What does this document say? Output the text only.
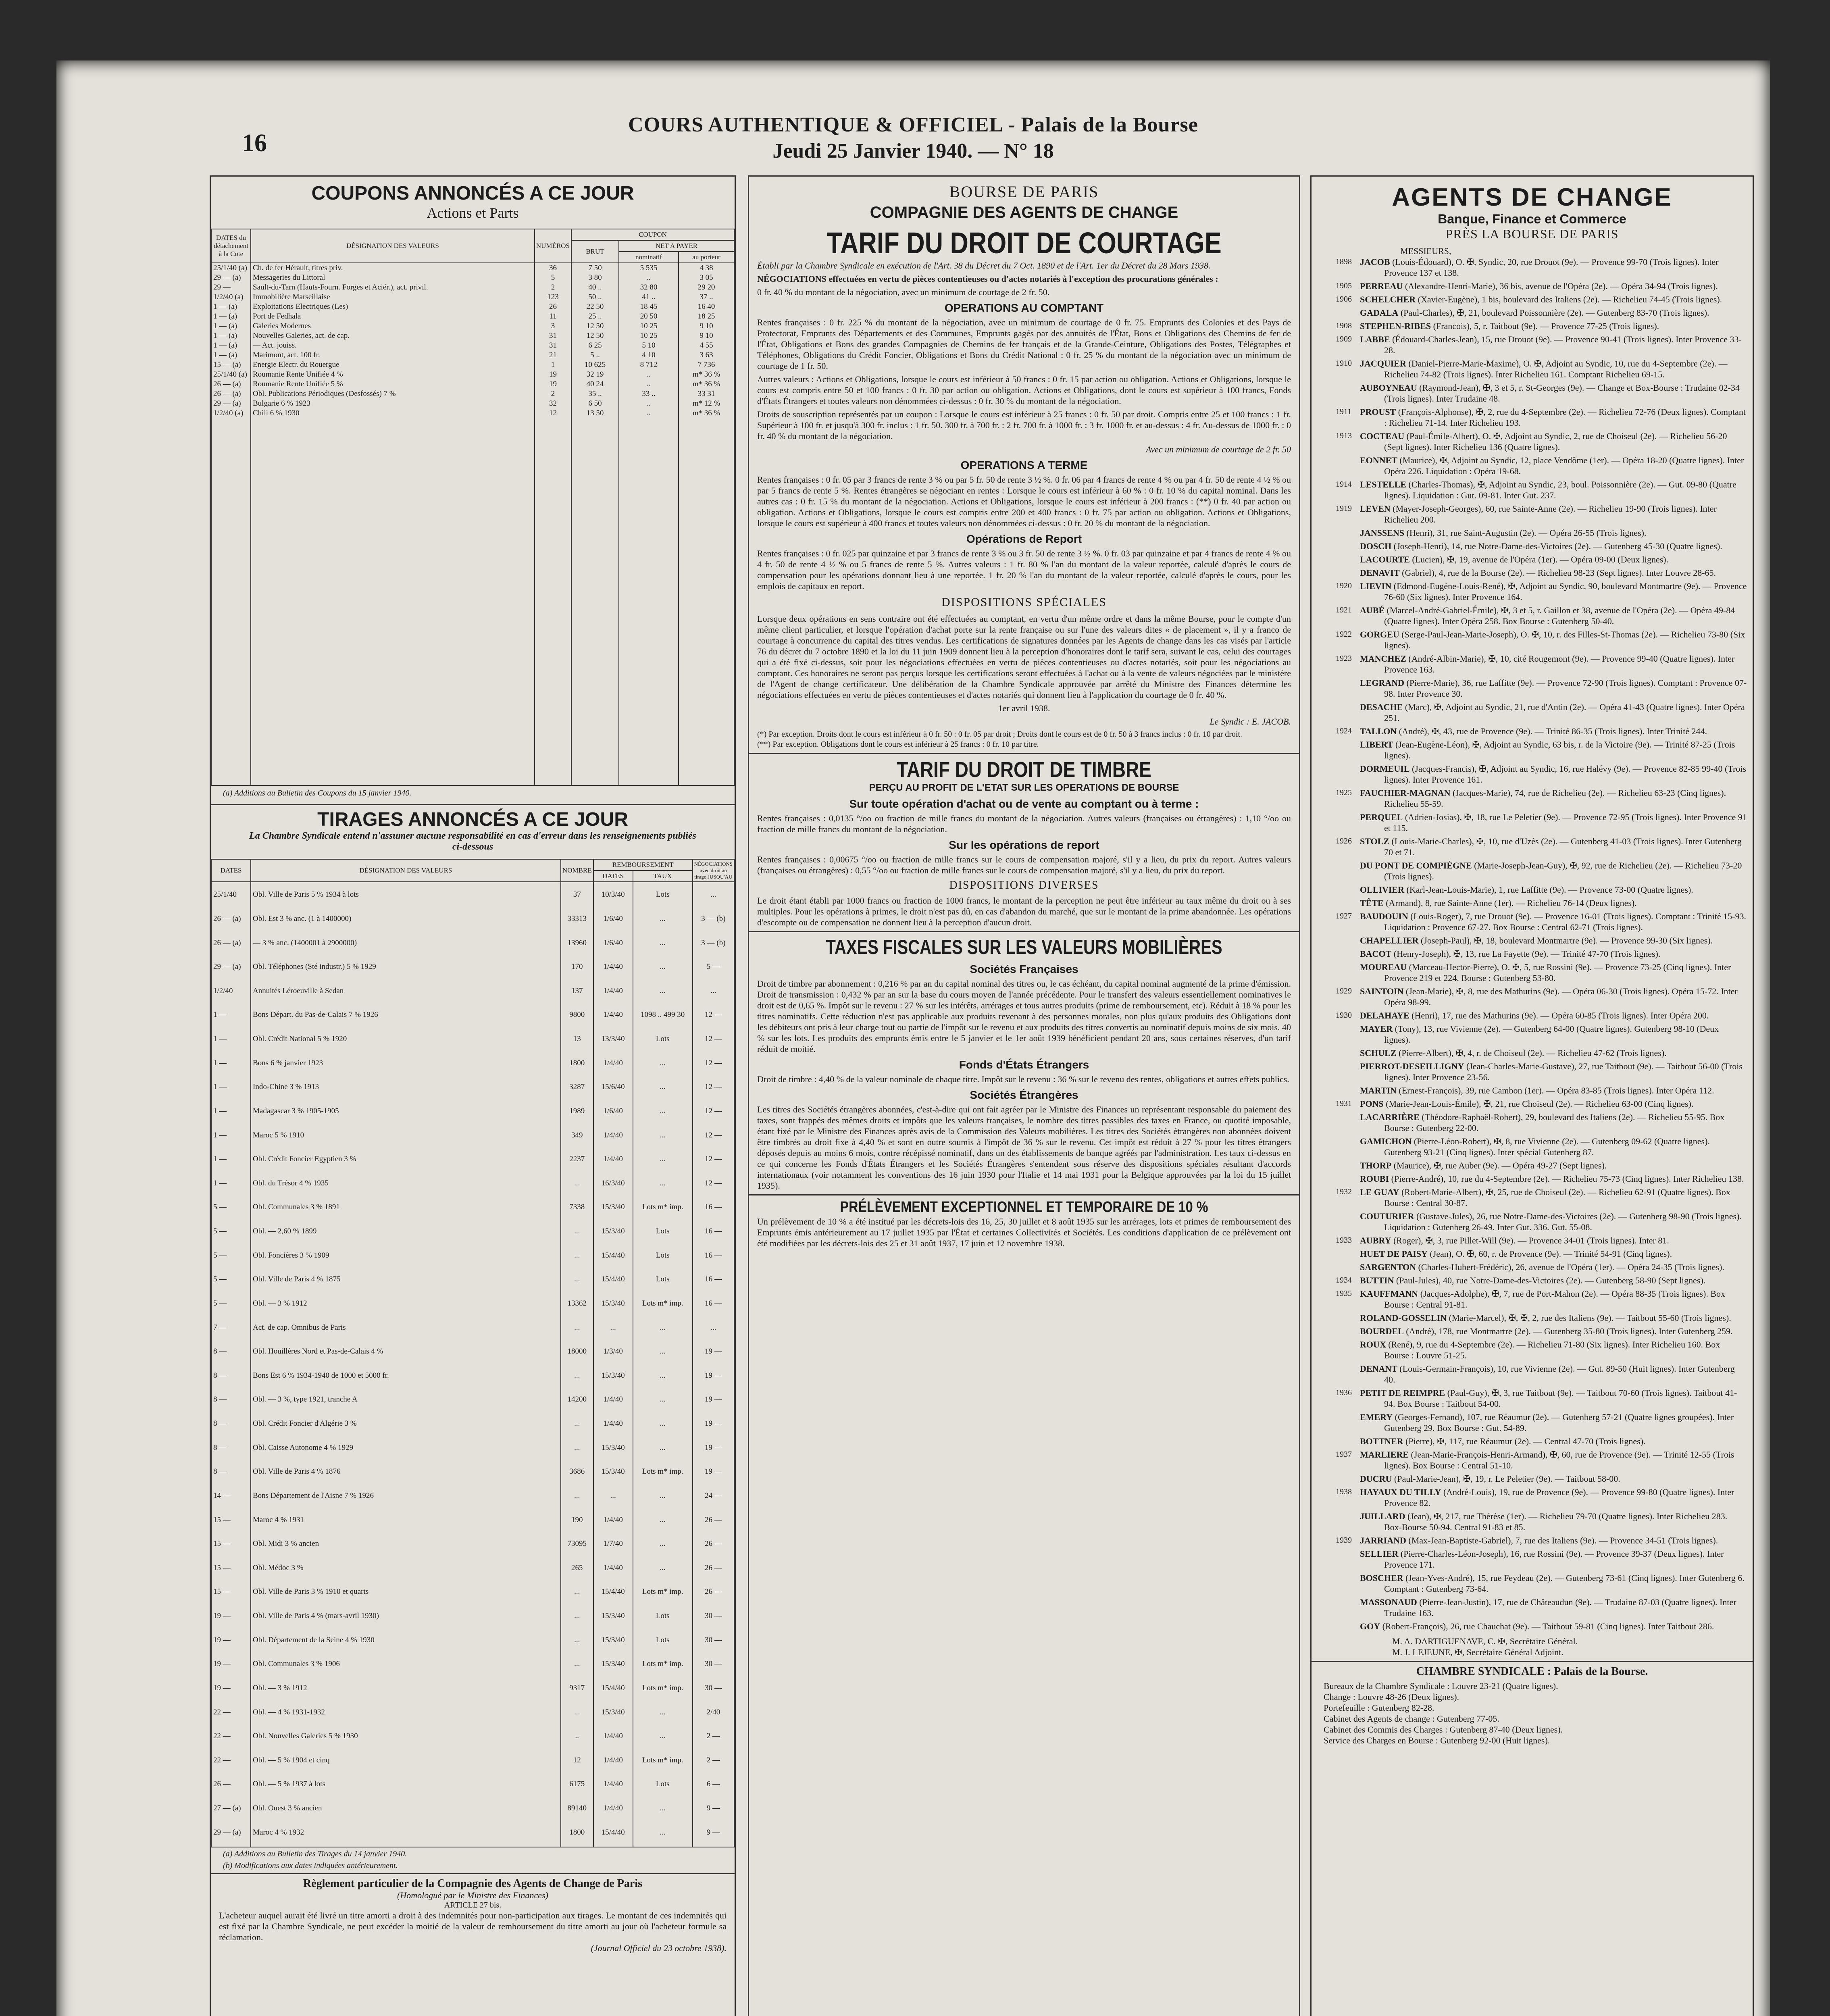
16
COURS AUTHENTIQUE & OFFICIEL - Palais de la Bourse
Jeudi 25 Janvier 1940. — N° 18
COUPONS ANNONCÉS A CE JOUR
Actions et Parts
DATES du détachement à la Cote	DÉSIGNATION DES VALEURS	NUMÉROS	COUPON		
			BRUT	NET A PAYER	
				nominatif	au porteur
25/1/40 (a)	Ch. de fer Hérault, titres priv.	36	7 50	5 535	4 38
29 — (a)	Messageries du Littoral	5	3 80	..	3 05
29 —	Sault-du-Tarn (Hauts-Fourn. Forges et Aciér.), act. privil.	2	40 ..	32 80	29 20
1/2/40 (a)	Immobilière Marseillaise	123	50 ..	41 ..	37 ..
1 — (a)	Exploitations Electriques (Les)	26	22 50	18 45	16 40
1 — (a)	Port de Fedhala	11	25 ..	20 50	18 25
1 — (a)	Galeries Modernes	3	12 50	10 25	9 10
1 — (a)	Nouvelles Galeries, act. de cap.	31	12 50	10 25	9 10
1 — (a)	— Act. jouiss.	31	6 25	5 10	4 55
1 — (a)	Marimont, act. 100 fr.	21	5 ..	4 10	3 63
15 — (a)	Energie Electr. du Rouergue	1	10 625	8 712	7 736
25/1/40 (a)	Roumanie Rente Unifiée 4 %	19	32 19	..	m* 36 %
26 — (a)	Roumanie Rente Unifiée 5 %	19	40 24	..	m* 36 %
26 — (a)	Obl. Publications Périodiques (Desfossés) 7 %	2	35 ..	33 ..	33 31
29 — (a)	Bulgarie 6 % 1923	32	6 50	..	m* 12 %
1/2/40 (a)	Chili 6 % 1930	12	13 50	..	m* 36 %

(a) Additions au Bulletin des Coupons du 15 janvier 1940.
TIRAGES ANNONCÉS A CE JOUR
La Chambre Syndicale entend n'assumer aucune responsabilité en cas d'erreur dans les renseignements publiés ci-dessous
DATES	DÉSIGNATION DES VALEURS	NOMBRE	REMBOURSEMENT		NÉGOCIATIONS avec droit au tirage JUSQU'AU
			DATES	TAUX	
25/1/40	Obl. Ville de Paris 5 % 1934 à lots	37	10/3/40	Lots	...
26 — (a)	Obl. Est 3 % anc. (1 à 1400000)	33313	1/6/40	...	3 — (b)
26 — (a)	— 3 % anc. (1400001 à 2900000)	13960	1/6/40	...	3 — (b)
29 — (a)	Obl. Téléphones (Sté industr.) 5 % 1929	170	1/4/40	...	5 —
1/2/40	Annuités Léroeuville à Sedan	137	1/4/40	...	...
1 —	Bons Départ. du Pas-de-Calais 7 % 1926	9800	1/4/40	1098 .. 499 30	12 —
1 —	Obl. Crédit National 5 % 1920	13	13/3/40	Lots	12 —
1 —	Bons 6 % janvier 1923	1800	1/4/40	...	12 —
1 —	Indo-Chine 3 % 1913	3287	15/6/40	...	12 —
1 —	Madagascar 3 % 1905-1905	1989	1/6/40	...	12 —
1 —	Maroc 5 % 1910	349	1/4/40	...	12 —
1 —	Obl. Crédit Foncier Egyptien 3 %	2237	1/4/40	...	12 —
1 —	Obl. du Trésor 4 % 1935	...	16/3/40	...	12 —
5 —	Obl. Communales 3 % 1891	7338	15/3/40	Lots m* imp.	16 —
5 —	Obl. — 2,60 % 1899	...	15/3/40	Lots	16 —
5 —	Obl. Foncières 3 % 1909	...	15/4/40	Lots	16 —
5 —	Obl. Ville de Paris 4 % 1875	...	15/4/40	Lots	16 —
5 —	Obl. — 3 % 1912	13362	15/3/40	Lots m* imp.	16 —
7 —	Act. de cap. Omnibus de Paris	...	...	...	...
8 —	Obl. Houillères Nord et Pas-de-Calais 4 %	18000	1/3/40	...	19 —
8 —	Bons Est 6 % 1934-1940 de 1000 et 5000 fr.	...	15/3/40	...	19 —
8 —	Obl. — 3 %, type 1921, tranche A	14200	1/4/40	...	19 —
8 —	Obl. Crédit Foncier d'Algérie 3 %	...	1/4/40	...	19 —
8 —	Obl. Caisse Autonome 4 % 1929	...	15/3/40	...	19 —
8 —	Obl. Ville de Paris 4 % 1876	3686	15/3/40	Lots m* imp.	19 —
14 —	Bons Département de l'Aisne 7 % 1926	...	...	...	24 —
15 —	Maroc 4 % 1931	190	1/4/40	...	26 —
15 —	Obl. Midi 3 % ancien	73095	1/7/40	...	26 —
15 —	Obl. Médoc 3 %	265	1/4/40	...	26 —
15 —	Obl. Ville de Paris 3 % 1910 et quarts	...	15/4/40	Lots m* imp.	26 —
19 —	Obl. Ville de Paris 4 % (mars-avril 1930)	...	15/3/40	Lots	30 —
19 —	Obl. Département de la Seine 4 % 1930	...	15/3/40	Lots	30 —
19 —	Obl. Communales 3 % 1906	...	15/3/40	Lots m* imp.	30 —
19 —	Obl. — 3 % 1912	9317	15/4/40	Lots m* imp.	30 —
22 —	Obl. — 4 % 1931-1932	...	15/3/40	...	2/40
22 —	Obl. Nouvelles Galeries 5 % 1930	..	1/4/40	...	2 —
22 —	Obl. — 5 % 1904 et cinq	12	1/4/40	Lots m* imp.	2 —
26 —	Obl. — 5 % 1937 à lots	6175	1/4/40	Lots	6 —
27 — (a)	Obl. Ouest 3 % ancien	89140	1/4/40	...	9 —
29 — (a)	Maroc 4 % 1932	1800	15/4/40	...	9 —

(a) Additions au Bulletin des Tirages du 14 janvier 1940.
(b) Modifications aux dates indiquées antérieurement.
Règlement particulier de la Compagnie des Agents de Change de Paris
(Homologué par le Ministre des Finances)
ARTICLE 27 bis.
L'acheteur auquel aurait été livré un titre amorti a droit à des indemnités pour non-participation aux tirages. Le montant de ces indemnités qui est fixé par la Chambre Syndicale, ne peut excéder la moitié de la valeur de remboursement du titre amorti au jour où l'acheteur formule sa réclamation.
(Journal Officiel du 23 octobre 1938).
BOURSE DE PARIS
COMPAGNIE DES AGENTS DE CHANGE
TARIF DU DROIT DE COURTAGE
Établi par la Chambre Syndicale en exécution de l'Art. 38 du Décret du 7 Oct. 1890 et de l'Art. 1er du Décret du 28 Mars 1938.
NÉGOCIATIONS effectuées en vertu de pièces contentieuses ou d'actes notariés à l'exception des procurations générales :
0 fr. 40 % du montant de la négociation, avec un minimum de courtage de 2 fr. 50.
OPERATIONS AU COMPTANT
Rentes françaises : 0 fr. 225 % du montant de la négociation, avec un minimum de courtage de 0 fr. 75. Emprunts des Colonies et des Pays de Protectorat, Emprunts des Départements et des Communes, Emprunts gagés par des annuités de l'État, Bons et Obligations des Chemins de fer de l'État, Obligations et Bons des grandes Compagnies de Chemins de fer français et de la Grande-Ceinture, Obligations des Postes, Télégraphes et Téléphones, Obligations du Crédit Foncier, Obligations et Bons du Crédit National : 0 fr. 25 % du montant de la négociation avec un minimum de courtage de 1 fr. 50.
Autres valeurs : Actions et Obligations, lorsque le cours est inférieur à 50 francs : 0 fr. 15 par action ou obligation. Actions et Obligations, lorsque le cours est compris entre 50 et 100 francs : 0 fr. 30 par action ou obligation. Actions et Obligations, dont le cours est supérieur à 100 francs, Fonds d'États Étrangers et toutes valeurs non dénommées ci-dessus : 0 fr. 30 % du montant de la négociation.
Droits de souscription représentés par un coupon : Lorsque le cours est inférieur à 25 francs : 0 fr. 50 par droit. Compris entre 25 et 100 francs : 1 fr. Supérieur à 100 fr. et jusqu'à 300 fr. inclus : 1 fr. 50. 300 fr. à 700 fr. : 2 fr. 700 fr. à 1000 fr. : 3 fr. 1000 fr. et au-dessus : 4 fr. Au-dessus de 1000 fr. : 0 fr. 40 % du montant de la négociation.
Avec un minimum de courtage de 2 fr. 50
OPERATIONS A TERME
Rentes françaises : 0 fr. 05 par 3 francs de rente 3 % ou par 5 fr. 50 de rente 3 ½ %. 0 fr. 06 par 4 francs de rente 4 % ou par 4 fr. 50 de rente 4 ½ % ou par 5 francs de rente 5 %. Rentes étrangères se négociant en rentes : Lorsque le cours est inférieur à 60 % : 0 fr. 10 % du capital nominal. Dans les autres cas : 0 fr. 15 % du montant de la négociation. Actions et Obligations, lorsque le cours est inférieur à 200 francs : (**) 0 fr. 40 par action ou obligation. Actions et Obligations, lorsque le cours est compris entre 200 et 400 francs : 0 fr. 75 par action ou obligation. Actions et Obligations, lorsque le cours est supérieur à 400 francs et toutes valeurs non dénommées ci-dessus : 0 fr. 20 % du montant de la négociation.
Opérations de Report
Rentes françaises : 0 fr. 025 par quinzaine et par 3 francs de rente 3 % ou 3 fr. 50 de rente 3 ½ %. 0 fr. 03 par quinzaine et par 4 francs de rente 4 % ou 4 fr. 50 de rente 4 ½ % ou 5 francs de rente 5 %. Autres valeurs : 1 fr. 80 % l'an du montant de la valeur reportée, calculé d'après le cours de compensation pour les opérations donnant lieu à une reportée. 1 fr. 20 % l'an du montant de la valeur reportée, calculé d'après le cours, pour les emplois de capitaux en report.
DISPOSITIONS SPÉCIALES
Lorsque deux opérations en sens contraire ont été effectuées au comptant, en vertu d'un même ordre et dans la même Bourse, pour le compte d'un même client particulier, et lorsque l'opération d'achat porte sur la rente française ou sur l'une des valeurs dites « de placement », il y a franco de courtage à concurrence du capital des titres vendus. Les certifications de signatures données par les Agents de change dans les cas visés par l'article 76 du décret du 7 octobre 1890 et la loi du 11 juin 1909 donnent lieu à la perception d'honoraires dont le tarif sera, suivant le cas, celui des courtages qui a été fixé ci-dessus, soit pour les négociations effectuées en vertu de pièces contentieuses ou d'actes notariés, soit pour les négociations au comptant. Ces honoraires ne seront pas perçus lorsque les certifications seront effectuées à l'achat ou à la vente de valeurs négociées par le ministère de l'Agent de change certificateur. Une délibération de la Chambre Syndicale approuvée par arrêté du Ministre des Finances détermine les négociations effectuées en vertu de pièces contentieuses et d'actes notariés qui donnent lieu à l'application du courtage de 0 fr. 40 %.
1er avril 1938.
Le Syndic : E. JACOB.
(*) Par exception. Droits dont le cours est inférieur à 0 fr. 50 : 0 fr. 05 par droit ; Droits dont le cours est de 0 fr. 50 à 3 francs inclus : 0 fr. 10 par droit.
(**) Par exception. Obligations dont le cours est inférieur à 25 francs : 0 fr. 10 par titre.
TARIF DU DROIT DE TIMBRE
PERÇU AU PROFIT DE L'ETAT SUR LES OPERATIONS DE BOURSE
Sur toute opération d'achat ou de vente au comptant ou à terme :
Rentes françaises : 0,0135 °/oo ou fraction de mille francs du montant de la négociation. Autres valeurs (françaises ou étrangères) : 1,10 °/oo ou fraction de mille francs du montant de la négociation.
Sur les opérations de report
Rentes françaises : 0,00675 °/oo ou fraction de mille francs sur le cours de compensation majoré, s'il y a lieu, du prix du report. Autres valeurs (françaises ou étrangères) : 0,55 °/oo ou fraction de mille francs sur le cours de compensation majoré, s'il y a lieu, du prix du report.
DISPOSITIONS DIVERSES
Le droit étant établi par 1000 francs ou fraction de 1000 francs, le montant de la perception ne peut être inférieur au taux même du droit ou à ses multiples. Pour les opérations à primes, le droit n'est pas dû, en cas d'abandon du marché, que sur le montant de la prime abandonnée. Les opérations d'escompte ou de compensation ne donnent lieu à la perception d'aucun droit.
TAXES FISCALES SUR LES VALEURS MOBILIÈRES
Sociétés Françaises
Droit de timbre par abonnement : 0,216 % par an du capital nominal des titres ou, le cas échéant, du capital nominal augmenté de la prime d'émission. Droit de transmission : 0,432 % par an sur la base du cours moyen de l'année précédente. Pour le transfert des valeurs essentiellement nominatives le droit est de 0,65 %. Impôt sur le revenu : 27 % sur les intérêts, arrérages et tous autres produits (prime de remboursement, etc). Réduit à 18 % pour les titres nominatifs. Cette réduction n'est pas applicable aux produits revenant à des personnes morales, non plus qu'aux produits des Obligations dont les débiteurs ont pris à leur charge tout ou partie de l'impôt sur le revenu et aux produits des titres convertis au nominatif depuis moins de six mois. 40 % sur les lots. Les produits des emprunts émis entre le 5 janvier et le 1er août 1939 bénéficient pendant 20 ans, sous certaines réserves, d'un tarif réduit de moitié.
Fonds d'États Étrangers
Droit de timbre : 4,40 % de la valeur nominale de chaque titre. Impôt sur le revenu : 36 % sur le revenu des rentes, obligations et autres effets publics.
Sociétés Étrangères
Les titres des Sociétés étrangères abonnées, c'est-à-dire qui ont fait agréer par le Ministre des Finances un représentant responsable du paiement des taxes, sont frappés des mêmes droits et impôts que les valeurs françaises, le nombre des titres passibles des taxes en France, ou quotité imposable, étant fixé par le Ministre des Finances après avis de la Commission des Valeurs mobilières. Les titres des Sociétés étrangères non abonnées doivent être timbrés au droit fixe à 4,40 % et sont en outre soumis à l'impôt de 36 % sur le revenu. Cet impôt est réduit à 27 % pour les titres étrangers déposés depuis au moins 6 mois, contre récépissé nominatif, dans un des établissements de banque agréés par l'administration. Les taux ci-dessus en ce qui concerne les Fonds d'États Étrangers et les Sociétés Étrangères s'entendent sous réserve des dispositions spéciales résultant d'accords internationaux (voir notamment les conventions des 16 juin 1930 pour l'Italie et 14 mai 1931 pour la Belgique approuvées par la loi du 15 juillet 1935).
PRÉLÈVEMENT EXCEPTIONNEL ET TEMPORAIRE DE 10 %
Un prélèvement de 10 % a été institué par les décrets-lois des 16, 25, 30 juillet et 8 août 1935 sur les arrérages, lots et primes de remboursement des Emprunts émis antérieurement au 17 juillet 1935 par l'État et certaines Collectivités et Sociétés. Les conditions d'application de ce prélèvement ont été modifiées par les décrets-lois des 25 et 31 août 1937, 17 juin et 12 novembre 1938.
AGENTS DE CHANGE
Banque, Finance et Commerce
PRÈS LA BOURSE DE PARIS
MESSIEURS,
1898 JACOB (Louis-Édouard), O. ✠, Syndic, 20, rue Drouot (9e). — Provence 99-70 (Trois lignes). Inter Provence 137 et 138.
1905 PERREAU (Alexandre-Henri-Marie), 36 bis, avenue de l'Opéra (2e). — Opéra 34-94 (Trois lignes).
1906 SCHELCHER (Xavier-Eugène), 1 bis, boulevard des Italiens (2e). — Richelieu 74-45 (Trois lignes).
GADALA (Paul-Charles), ✠, 21, boulevard Poissonnière (2e). — Gutenberg 83-70 (Trois lignes).
1908 STEPHEN-RIBES (Francois), 5, r. Taitbout (9e). — Provence 77-25 (Trois lignes).
1909 LABBE (Édouard-Charles-Jean), 15, rue Drouot (9e). — Provence 90-41 (Trois lignes). Inter Provence 33-28.
1910 JACQUIER (Daniel-Pierre-Marie-Maxime), O. ✠, Adjoint au Syndic, 10, rue du 4-Septembre (2e). — Richelieu 74-82 (Trois lignes). Inter Richelieu 161. Comptant Richelieu 69-15.
AUBOYNEAU (Raymond-Jean), ✠, 3 et 5, r. St-Georges (9e). — Change et Box-Bourse : Trudaine 02-34 (Trois lignes). Inter Trudaine 48.
1911 PROUST (François-Alphonse), ✠, 2, rue du 4-Septembre (2e). — Richelieu 72-76 (Deux lignes). Comptant : Richelieu 71-14. Inter Richelieu 193.
1913 COCTEAU (Paul-Émile-Albert), O. ✠, Adjoint au Syndic, 2, rue de Choiseul (2e). — Richelieu 56-20 (Sept lignes). Inter Richelieu 136 (Quatre lignes).
EONNET (Maurice), ✠, Adjoint au Syndic, 12, place Vendôme (1er). — Opéra 18-20 (Quatre lignes). Inter Opéra 226. Liquidation : Opéra 19-68.
1914 LESTELLE (Charles-Thomas), ✠, Adjoint au Syndic, 23, boul. Poissonnière (2e). — Gut. 09-80 (Quatre lignes). Liquidation : Gut. 09-81. Inter Gut. 237.
1919 LEVEN (Mayer-Joseph-Georges), 60, rue Sainte-Anne (2e). — Richelieu 19-90 (Trois lignes). Inter Richelieu 200.
JANSSENS (Henri), 31, rue Saint-Augustin (2e). — Opéra 26-55 (Trois lignes).
DOSCH (Joseph-Henri), 14, rue Notre-Dame-des-Victoires (2e). — Gutenberg 45-30 (Quatre lignes).
LACOURTE (Lucien), ✠, 19, avenue de l'Opéra (1er). — Opéra 09-00 (Deux lignes).
DENAVIT (Gabriel), 4, rue de la Bourse (2e). — Richelieu 98-23 (Sept lignes). Inter Louvre 28-65.
1920 LIEVIN (Edmond-Eugène-Louis-René), ✠, Adjoint au Syndic, 90, boulevard Montmartre (9e). — Provence 76-60 (Six lignes). Inter Provence 164.
1921 AUBÉ (Marcel-André-Gabriel-Émile), ✠, 3 et 5, r. Gaillon et 38, avenue de l'Opéra (2e). — Opéra 49-84 (Quatre lignes). Inter Opéra 258. Box Bourse : Gutenberg 50-40.
1922 GORGEU (Serge-Paul-Jean-Marie-Joseph), O. ✠, 10, r. des Filles-St-Thomas (2e). — Richelieu 73-80 (Six lignes).
1923 MANCHEZ (André-Albin-Marie), ✠, 10, cité Rougemont (9e). — Provence 99-40 (Quatre lignes). Inter Provence 163.
LEGRAND (Pierre-Marie), 36, rue Laffitte (9e). — Provence 72-90 (Trois lignes). Comptant : Provence 07-98. Inter Provence 30.
DESACHE (Marc), ✠, Adjoint au Syndic, 21, rue d'Antin (2e). — Opéra 41-43 (Quatre lignes). Inter Opéra 251.
1924 TALLON (André), ✠, 43, rue de Provence (9e). — Trinité 86-35 (Trois lignes). Inter Trinité 244.
LIBERT (Jean-Eugène-Léon), ✠, Adjoint au Syndic, 63 bis, r. de la Victoire (9e). — Trinité 87-25 (Trois lignes).
DORMEUIL (Jacques-Francis), ✠, Adjoint au Syndic, 16, rue Halévy (9e). — Provence 82-85 99-40 (Trois lignes). Inter Provence 161.
1925 FAUCHIER-MAGNAN (Jacques-Marie), 74, rue de Richelieu (2e). — Richelieu 63-23 (Cinq lignes). Richelieu 55-59.
PERQUEL (Adrien-Josias), ✠, 18, rue Le Peletier (9e). — Provence 72-95 (Trois lignes). Inter Provence 91 et 115.
1926 STOLZ (Louis-Marie-Charles), ✠, 10, rue d'Uzès (2e). — Gutenberg 41-03 (Trois lignes). Inter Gutenberg 70 et 71.
DU PONT DE COMPIÈGNE (Marie-Joseph-Jean-Guy), ✠, 92, rue de Richelieu (2e). — Richelieu 73-20 (Trois lignes).
OLLIVIER (Karl-Jean-Louis-Marie), 1, rue Laffitte (9e). — Provence 73-00 (Quatre lignes).
TÊTE (Armand), 8, rue Sainte-Anne (1er). — Richelieu 76-14 (Deux lignes).
1927 BAUDOUIN (Louis-Roger), 7, rue Drouot (9e). — Provence 16-01 (Trois lignes). Comptant : Trinité 15-93. Liquidation : Provence 67-27. Box Bourse : Central 62-71 (Trois lignes).
CHAPELLIER (Joseph-Paul), ✠, 18, boulevard Montmartre (9e). — Provence 99-30 (Six lignes).
BACOT (Henry-Joseph), ✠, 13, rue La Fayette (9e). — Trinité 47-70 (Trois lignes).
MOUREAU (Marceau-Hector-Pierre), O. ✠, 5, rue Rossini (9e). — Provence 73-25 (Cinq lignes). Inter Provence 219 et 224. Bourse : Gutenberg 53-80.
1929 SAINTOIN (Jean-Marie), ✠, 8, rue des Mathurins (9e). — Opéra 06-30 (Trois lignes). Opéra 15-72. Inter Opéra 98-99.
1930 DELAHAYE (Henri), 17, rue des Mathurins (9e). — Opéra 60-85 (Trois lignes). Inter Opéra 200.
MAYER (Tony), 13, rue Vivienne (2e). — Gutenberg 64-00 (Quatre lignes). Gutenberg 98-10 (Deux lignes).
SCHULZ (Pierre-Albert), ✠, 4, r. de Choiseul (2e). — Richelieu 47-62 (Trois lignes).
PIERROT-DESEILLIGNY (Jean-Charles-Marie-Gustave), 27, rue Taitbout (9e). — Taitbout 56-00 (Trois lignes). Inter Provence 23-56.
MARTIN (Ernest-François), 39, rue Cambon (1er). — Opéra 83-85 (Trois lignes). Inter Opéra 112.
1931 PONS (Marie-Jean-Louis-Émile), ✠, 21, rue Choiseul (2e). — Richelieu 63-00 (Cinq lignes).
LACARRIÈRE (Théodore-Raphaël-Robert), 29, boulevard des Italiens (2e). — Richelieu 55-95. Box Bourse : Gutenberg 22-00.
GAMICHON (Pierre-Léon-Robert), ✠, 8, rue Vivienne (2e). — Gutenberg 09-62 (Quatre lignes). Gutenberg 93-21 (Cinq lignes). Inter spécial Gutenberg 87.
THORP (Maurice), ✠, rue Auber (9e). — Opéra 49-27 (Sept lignes).
ROUBI (Pierre-André), 10, rue du 4-Septembre (2e). — Richelieu 75-73 (Cinq lignes). Inter Richelieu 138.
1932 LE GUAY (Robert-Marie-Albert), ✠, 25, rue de Choiseul (2e). — Richelieu 62-91 (Quatre lignes). Box Bourse : Central 30-87.
COUTURIER (Gustave-Jules), 26, rue Notre-Dame-des-Victoires (2e). — Gutenberg 98-90 (Trois lignes). Liquidation : Gutenberg 26-49. Inter Gut. 336. Gut. 55-08.
1933 AUBRY (Roger), ✠, 3, rue Pillet-Will (9e). — Provence 34-01 (Trois lignes). Inter 81.
HUET DE PAISY (Jean), O. ✠, 60, r. de Provence (9e). — Trinité 54-91 (Cinq lignes).
SARGENTON (Charles-Hubert-Frédéric), 26, avenue de l'Opéra (1er). — Opéra 24-35 (Trois lignes).
1934 BUTTIN (Paul-Jules), 40, rue Notre-Dame-des-Victoires (2e). — Gutenberg 58-90 (Sept lignes).
1935 KAUFFMANN (Jacques-Adolphe), ✠, 7, rue de Port-Mahon (2e). — Opéra 88-35 (Trois lignes). Box Bourse : Central 91-81.
ROLAND-GOSSELIN (Marie-Marcel), ✠, ✠, 2, rue des Italiens (9e). — Taitbout 55-60 (Trois lignes).
BOURDEL (André), 178, rue Montmartre (2e). — Gutenberg 35-80 (Trois lignes). Inter Gutenberg 259.
ROUX (René), 9, rue du 4-Septembre (2e). — Richelieu 71-80 (Six lignes). Inter Richelieu 160. Box Bourse : Louvre 51-25.
DENANT (Louis-Germain-François), 10, rue Vivienne (2e). — Gut. 89-50 (Huit lignes). Inter Gutenberg 40.
1936 PETIT DE REIMPRE (Paul-Guy), ✠, 3, rue Taitbout (9e). — Taitbout 70-60 (Trois lignes). Taitbout 41-94. Box Bourse : Taitbout 54-00.
EMERY (Georges-Fernand), 107, rue Réaumur (2e). — Gutenberg 57-21 (Quatre lignes groupées). Inter Gutenberg 29. Box Bourse : Gut. 54-89.
BOTTNER (Pierre), ✠, 117, rue Réaumur (2e). — Central 47-70 (Trois lignes).
1937 MARLIERE (Jean-Marie-François-Henri-Armand), ✠, 60, rue de Provence (9e). — Trinité 12-55 (Trois lignes). Box Bourse : Central 51-10.
DUCRU (Paul-Marie-Jean), ✠, 19, r. Le Peletier (9e). — Taitbout 58-00.
1938 HAYAUX DU TILLY (André-Louis), 19, rue de Provence (9e). — Provence 99-80 (Quatre lignes). Inter Provence 82.
JUILLARD (Jean), ✠, 217, rue Thérèse (1er). — Richelieu 79-70 (Quatre lignes). Inter Richelieu 283. Box-Bourse 50-94. Central 91-83 et 85.
1939 JARRIAND (Max-Jean-Baptiste-Gabriel), 7, rue des Italiens (9e). — Provence 34-51 (Trois lignes).
SELLIER (Pierre-Charles-Léon-Joseph), 16, rue Rossini (9e). — Provence 39-37 (Deux lignes). Inter Provence 171.
BOSCHER (Jean-Yves-André), 15, rue Feydeau (2e). — Gutenberg 73-61 (Cinq lignes). Inter Gutenberg 6. Comptant : Gutenberg 73-64.
MASSONAUD (Pierre-Jean-Justin), 17, rue de Châteaudun (9e). — Trudaine 87-03 (Quatre lignes). Inter Trudaine 163.
GOY (Robert-François), 26, rue Chauchat (9e). — Taitbout 59-81 (Cinq lignes). Inter Taitbout 286.
M. A. DARTIGUENAVE, C. ✠, Secrétaire Général.
M. J. LEJEUNE, ✠, Secrétaire Général Adjoint.
CHAMBRE SYNDICALE : Palais de la Bourse.
Bureaux de la Chambre Syndicale : Louvre 23-21 (Quatre lignes).
Change : Louvre 48-26 (Deux lignes).
Portefeuille : Gutenberg 82-28.
Cabinet des Agents de change : Gutenberg 77-05.
Cabinet des Commis des Charges : Gutenberg 87-40 (Deux lignes).
Service des Charges en Bourse : Gutenberg 92-00 (Huit lignes).
